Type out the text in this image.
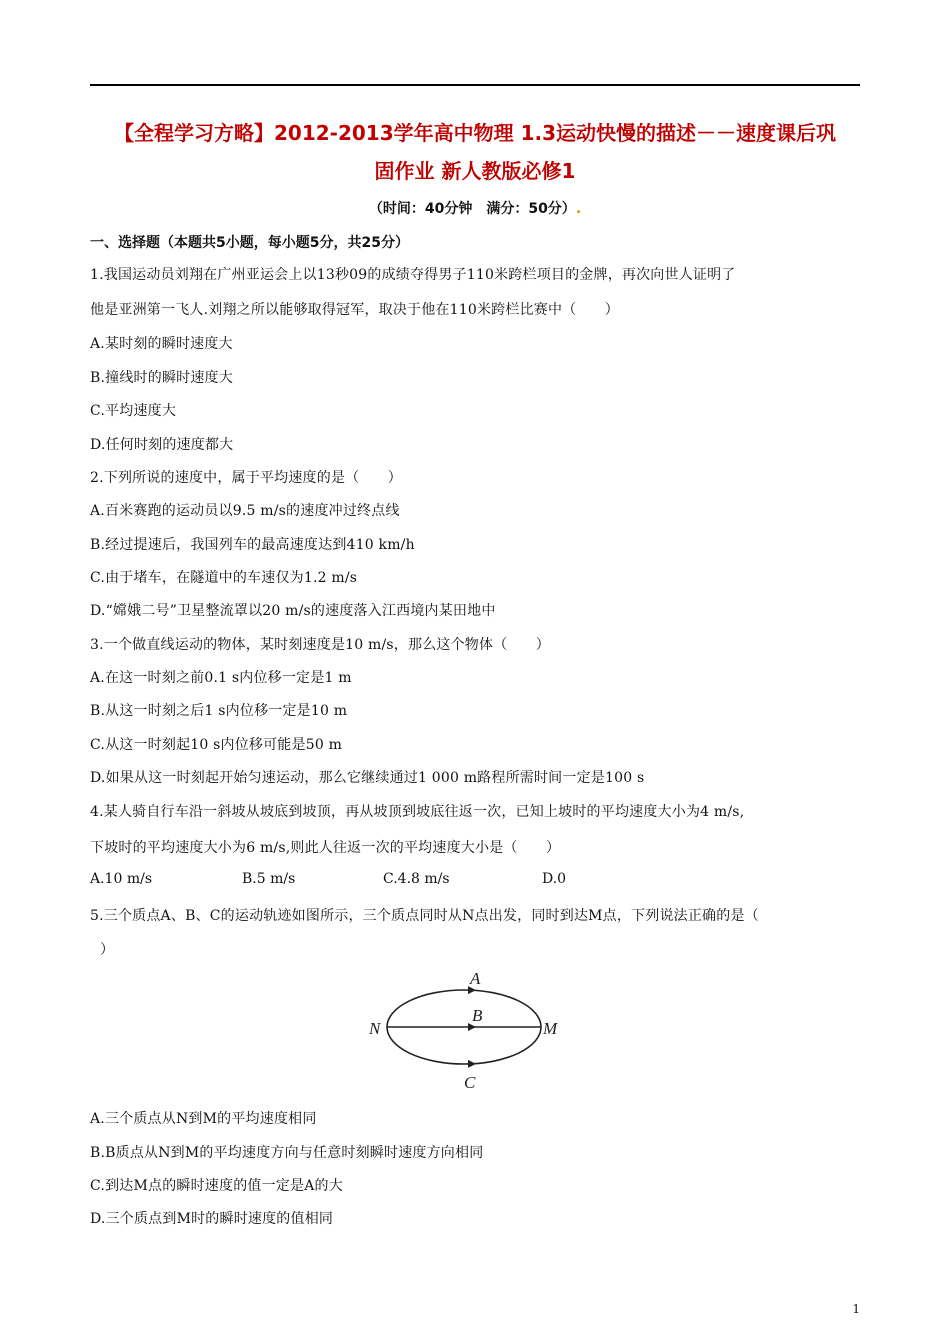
【全程学习方略】2012-2013学年高中物理 1.3运动快慢的描述－－速度课后巩
固作业 新人教版必修1
（时间：40分钟　满分：50分）.
一、选择题（本题共5小题，每小题5分，共25分）
1.我国运动员刘翔在广州亚运会上以13秒09的成绩夺得男子110米跨栏项目的金牌，再次向世人证明了
他是亚洲第一飞人.刘翔之所以能够取得冠军，取决于他在110米跨栏比赛中（　　）
A.某时刻的瞬时速度大
B.撞线时的瞬时速度大
C.平均速度大
D.任何时刻的速度都大
2.下列所说的速度中，属于平均速度的是（　　）
A.百米赛跑的运动员以9.5 m/s的速度冲过终点线
B.经过提速后，我国列车的最高速度达到410 km/h
C.由于堵车，在隧道中的车速仅为1.2 m/s
D.“嫦娥二号”卫星整流罩以20 m/s的速度落入江西境内某田地中
3.一个做直线运动的物体，某时刻速度是10 m/s，那么这个物体（　　）
A.在这一时刻之前0.1 s内位移一定是1 m
B.从这一时刻之后1 s内位移一定是10 m
C.从这一时刻起10 s内位移可能是50 m
D.如果从这一时刻起开始匀速运动，那么它继续通过1 000 m路程所需时间一定是100 s
4.某人骑自行车沿一斜坡从坡底到坡顶，再从坡顶到坡底往返一次，已知上坡时的平均速度大小为4 m/s,
下坡时的平均速度大小为6 m/s,则此人往返一次的平均速度大小是（　　）
A.10 m/s	B.5 m/s	C.4.8 m/s	D.0
5.三个质点A、B、C的运动轨迹如图所示，三个质点同时从N点出发，同时到达M点，下列说法正确的是（
）
A
B
C
N	M
A.三个质点从N到M的平均速度相同
B.B质点从N到M的平均速度方向与任意时刻瞬时速度方向相同
C.到达M点的瞬时速度的值一定是A的大
D.三个质点到M时的瞬时速度的值相同
1
